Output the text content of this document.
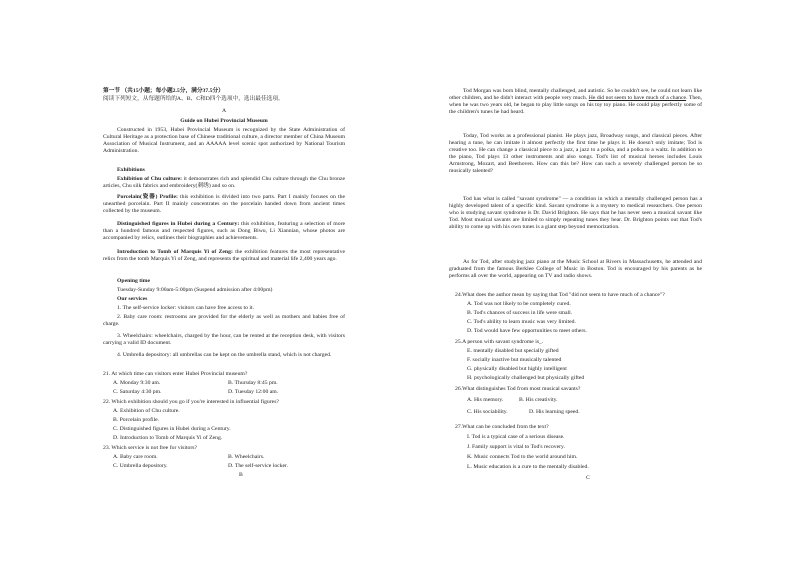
第一节 （共15小题；每小题2.5分，满分37.5分）
阅读下列短文，从每题所给的A、B、C和D四个选项中，选出最佳选项。
A
Guide on Hubei Provincial Museum
Constructed in 1953, Hubei Provincial Museum is recognized by the State Administration of Cultural Heritage as a protection base of Chinese traditional culture, a director member of China Museum Association of Musical Instrument, and an AAAAA level scenic spot authorized by National Tourism Administration.
Exhibitions
Exhibition of Chu culture: it demonstrates rich and splendid Chu culture through the Chu bronze articles, Chu silk fabrics and embroidery(刺绣) and so on.
Porcelain(瓷器) Profile: this exhibition is divided into two parts. Part I mainly focuses on the unearthed porcelain. Part II mainly concentrates on the porcelain handed down from ancient times collected by the museum.
Distinguished figures in Hubei during a Century: this exhibition, featuring a selection of more than a hundred famous and respected figures, such as Dong Biwu, Li Xiannian, whose photos are accompanied by relics, outlines their biographies and achievements.
Introduction to Tomb of Marquis Yi of Zeng: the exhibition features the most representative relics from the tomb Marquis Yi of Zeng, and represents the spiritual and material life 2,400 years ago.
Opening time
Tuesday-Sunday 9:00am-5:00pm (Suspend admission after 4:00pm)
Our services
1. The self-service locker: visitors can have free access to it.
2. Baby care room: restrooms are provided for the elderly as well as mothers and babies free of charge.
3. Wheelchairs: wheelchairs, charged by the hour, can be rented at the reception desk, with visitors carrying a valid ID document.
4. Umbrella depository: all umbrellas can be kept on the umbrella stand, which is not charged.
21. At which time can visitors enter Hubei Provincial museum?
A. Monday 9:30 am.	B. Thursday 8:45 pm.
C. Saturday 4:30 pm.	D. Tuesday 12:00 am.
22. Which exhibition should you go if you're interested in influential figures?
A. Exhibition of Chu culture.
B. Porcelain profile.
C. Distinguished figures in Hubei during a Century.
D. Introduction to Tomb of Marquis Yi of Zeng.
23. Which service is not free for visitors?
A. Baby care room.	B. Wheelchairs.
C. Umbrella depository.	D. The self-service locker.
B
Tod Morgan was born blind, mentally challenged, and autistic. So he couldn't see, he could not learn like other children, and he didn't interact with people very much. He did not seem to have much of a chance. Then, when he was two years old, he began to play little songs on his toy toy piano. He could play perfectly some of the children's tunes he had heard.
Today, Tod works as a professional pianist. He plays jazz, Broadway songs, and classical pieces. After hearing a tune, he can imitate it almost perfectly the first time he plays it. He doesn't only imitate; Tod is creative too. He can change a classical piece to a jazz, a jazz to a polka, and a polka to a waltz. In addition to the piano, Tod plays 13 other instruments and also songs. Tod's list of musical heroes includes Louis Armstrong, Mozart, and Beethoven. How can this be? How can such a severely challenged person be so musically talented?
Tod has what is called "savant syndrome" — a condition in which a mentally challenged person has a highly developed talent of a specific kind. Savant syndrome is a mystery to medical researchers. One person who is studying savant syndrome is Dr. David Brighton. He says that he has never seen a musical savant like Tod. Most musical savants are limited to simply repeating tunes they hear. Dr. Brighton points out that Tod's ability to come up with his own tunes is a giant step beyond memorization.
As for Tod, after studying jazz piano at the Music School at Rivers in Massachusetts, he attended and graduated from the famous Berklee College of Music in Boston. Tod is encouraged by his parents as he performs all over the world, appearing on TV and radio shows.
24.What does the author mean by saying that Tod "did not seem to have much of a chance"?
A. Tod was not likely to be completely cured.
B. Tod's chances of success in life were small.
C. Tod's ability to learn music was very limited.
D. Tod would have few opportunities to meet others.
25.A person with savant syndrome is_.
E. mentally disabled but specially gifted
F. socially inactive but musically talented
G. physically disabled but highly intelligent
H. psychologically challenged but physically gifted
26.What distinguishes Tod from most musical savants?
A. His memory.	B. His creativity.
C. His sociability.	D. His learning speed.
27.What can be concluded from the text?
I. Tod is a typical case of a serious disease.
J. Family support is vital to Tod's recovery.
K. Music connects Tod to the world around him.
L. Music education is a cure to the mentally disabled.
C
